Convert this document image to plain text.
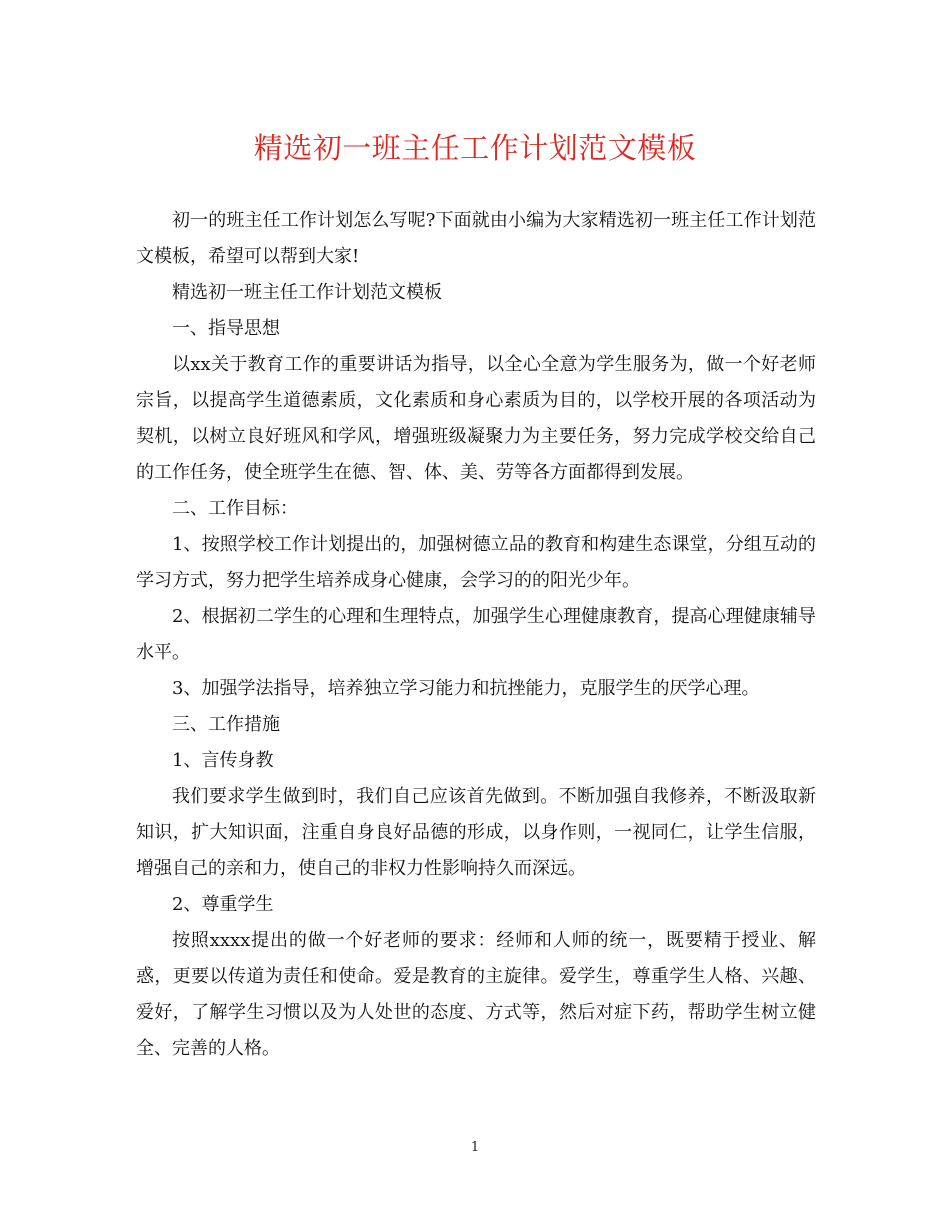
精选初一班主任工作计划范文模板

初一的班主任工作计划怎么写呢?下面就由小编为大家精选初一班主任工作计划范文模板，希望可以帮到大家!

精选初一班主任工作计划范文模板

一、指导思想

以xx关于教育工作的重要讲话为指导，以全心全意为学生服务为，做一个好老师宗旨，以提高学生道德素质，文化素质和身心素质为目的，以学校开展的各项活动为契机，以树立良好班风和学风，增强班级凝聚力为主要任务，努力完成学校交给自己的工作任务，使全班学生在德、智、体、美、劳等各方面都得到发展。

二、工作目标：

1、按照学校工作计划提出的，加强树德立品的教育和构建生态课堂，分组互动的学习方式，努力把学生培养成身心健康，会学习的的阳光少年。

2、根据初二学生的心理和生理特点，加强学生心理健康教育，提高心理健康辅导水平。

3、加强学法指导，培养独立学习能力和抗挫能力，克服学生的厌学心理。

三、工作措施

1、言传身教

我们要求学生做到时，我们自己应该首先做到。不断加强自我修养，不断汲取新知识，扩大知识面，注重自身良好品德的形成，以身作则，一视同仁，让学生信服，增强自己的亲和力，使自己的非权力性影响持久而深远。

2、尊重学生

按照xxxx提出的做一个好老师的要求：经师和人师的统一，既要精于授业、解惑，更要以传道为责任和使命。爱是教育的主旋律。爱学生，尊重学生人格、兴趣、爱好，了解学生习惯以及为人处世的态度、方式等，然后对症下药，帮助学生树立健全、完善的人格。

1
